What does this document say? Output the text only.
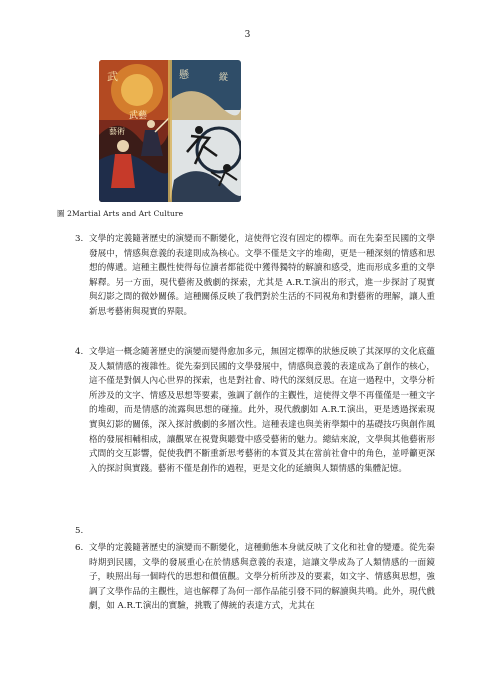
3
武
武藝
藝術
懸	縱
圖 2Martial Arts and Art Culture
3. 文學的定義隨著歷史的演變而不斷變化，這使得它沒有固定的標準。而在先秦至民國的文學發展中，情感與意義的表達則成為核心。文學不僅是文字的堆砌，更是一種深刻的情感和思想的傳遞。這種主觀性使得每位讀者都能從中獲得獨特的解讀和感受，進而形成多重的文學解釋。另一方面，現代藝術及戲劇的探索，尤其是 A.R.T.演出的形式，進一步探討了現實與幻影之間的微妙關係。這種關係反映了我們對於生活的不同視角和對藝術的理解，讓人重新思考藝術與現實的界限。
4. 文學這一概念隨著歷史的演變而變得愈加多元，無固定標準的狀態反映了其深厚的文化底蘊及人類情感的複雜性。從先秦到民國的文學發展中，情感與意義的表達成為了創作的核心，這不僅是對個人內心世界的探索，也是對社會、時代的深刻反思。在這一過程中，文學分析所涉及的文字、情感及思想等要素，強調了創作的主觀性，這使得文學不再僅僅是一種文字的堆砌，而是情感的流露與思想的碰撞。此外，現代戲劇如 A.R.T.演出，更是透過探索現實與幻影的關係，深入探討戲劇的多層次性。這種表達也與美術學類中的基礎技巧與創作風格的發展相輔相成，讓觀眾在視覺與聽覺中感受藝術的魅力。總結來說，文學與其他藝術形式間的交互影響，促使我們不斷重新思考藝術的本質及其在當前社會中的角色，並呼籲更深入的探討與實踐。藝術不僅是創作的過程，更是文化的延續與人類情感的集體記憶。
5.
6. 文學的定義隨著歷史的演變而不斷變化，這種動態本身就反映了文化和社會的變遷。從先秦時期到民國，文學的發展重心在於情感與意義的表達，這讓文學成為了人類情感的一面鏡子，映照出每一個時代的思想和價值觀。文學分析所涉及的要素，如文字、情感與思想，強調了文學作品的主觀性，這也解釋了為何一部作品能引發不同的解讀與共鳴。此外，現代戲劇，如 A.R.T.演出的實驗，挑戰了傳統的表達方式，尤其在
